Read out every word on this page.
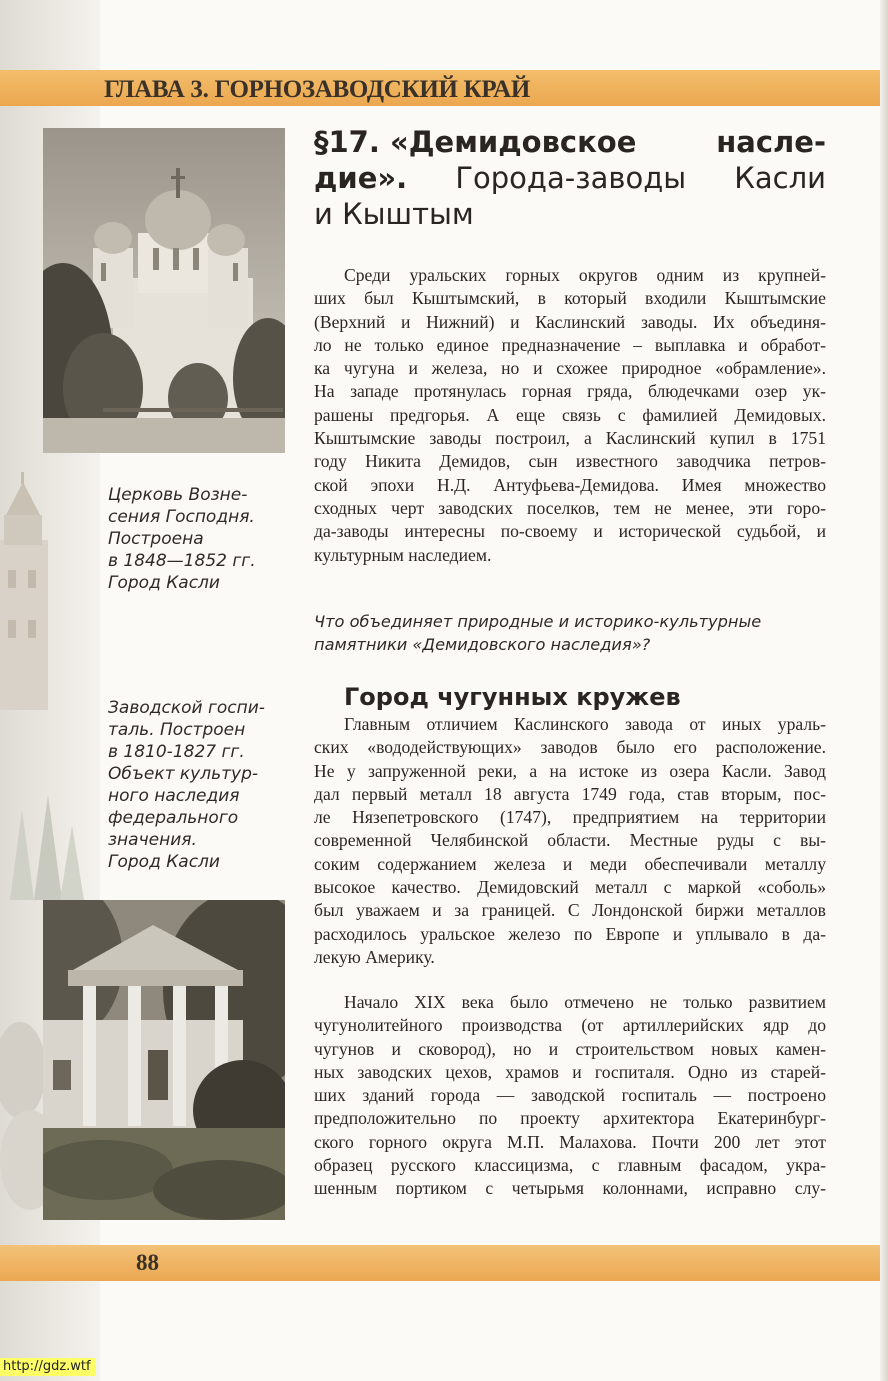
ГЛАВА 3. ГОРНОЗАВОДСКИЙ КРАЙ
Церковь Возне-
сения Господня.
Построена
в 1848—1852 гг.
Город Касли
Заводской госпи-
таль. Построен
в 1810-1827 гг.
Объект культур-
ного наследия
федерального
значения.
Город Касли
§17. «Демидовское	насле-
дие». Города-заводы Касли
и Кыштым
Среди уральских горных округов одним из крупней-
ших был Кыштымский, в который входили Кыштымские
(Верхний и Нижний) и Каслинский заводы. Их объединя-
ло не только единое предназначение – выплавка и обработ-
ка чугуна и железа, но и схожее природное «обрамление».
На западе протянулась горная гряда, блюдечками озер ук-
рашены предгорья. А еще связь с фамилией Демидовых.
Кыштымские заводы построил, а Каслинский купил в 1751
году Никита Демидов, сын известного заводчика петров-
ской эпохи Н.Д. Антуфьева-Демидова. Имея множество
сходных черт заводских поселков, тем не менее, эти горо-
да-заводы интересны по-своему и исторической судьбой, и
культурным наследием.
Что объединяет природные и историко-культурные
памятники «Демидовского наследия»?
Город чугунных кружев
Главным отличием Каслинского завода от иных ураль-
ских «вододействующих» заводов было его расположение.
Не у запруженной реки, а на истоке из озера Касли. Завод
дал первый металл 18 августа 1749 года, став вторым, пос-
ле Нязепетровского (1747), предприятием на территории
современной Челябинской области. Местные руды с вы-
соким содержанием железа и меди обеспечивали металлу
высокое качество. Демидовский металл с маркой «соболь»
был уважаем и за границей. С Лондонской биржи металлов
расходилось уральское железо по Европе и уплывало в да-
лекую Америку.
Начало XIX века было отмечено не только развитием
чугунолитейного производства (от артиллерийских ядр до
чугунов и сковород), но и строительством новых камен-
ных заводских цехов, храмов и госпиталя. Одно из старей-
ших зданий города — заводской госпиталь — построено
предположительно по проекту архитектора Екатеринбург-
ского горного округа М.П. Малахова. Почти 200 лет этот
образец русского классицизма, с главным фасадом, укра-
шенным портиком с четырьмя колоннами, исправно слу-
88
http://gdz.wtf
